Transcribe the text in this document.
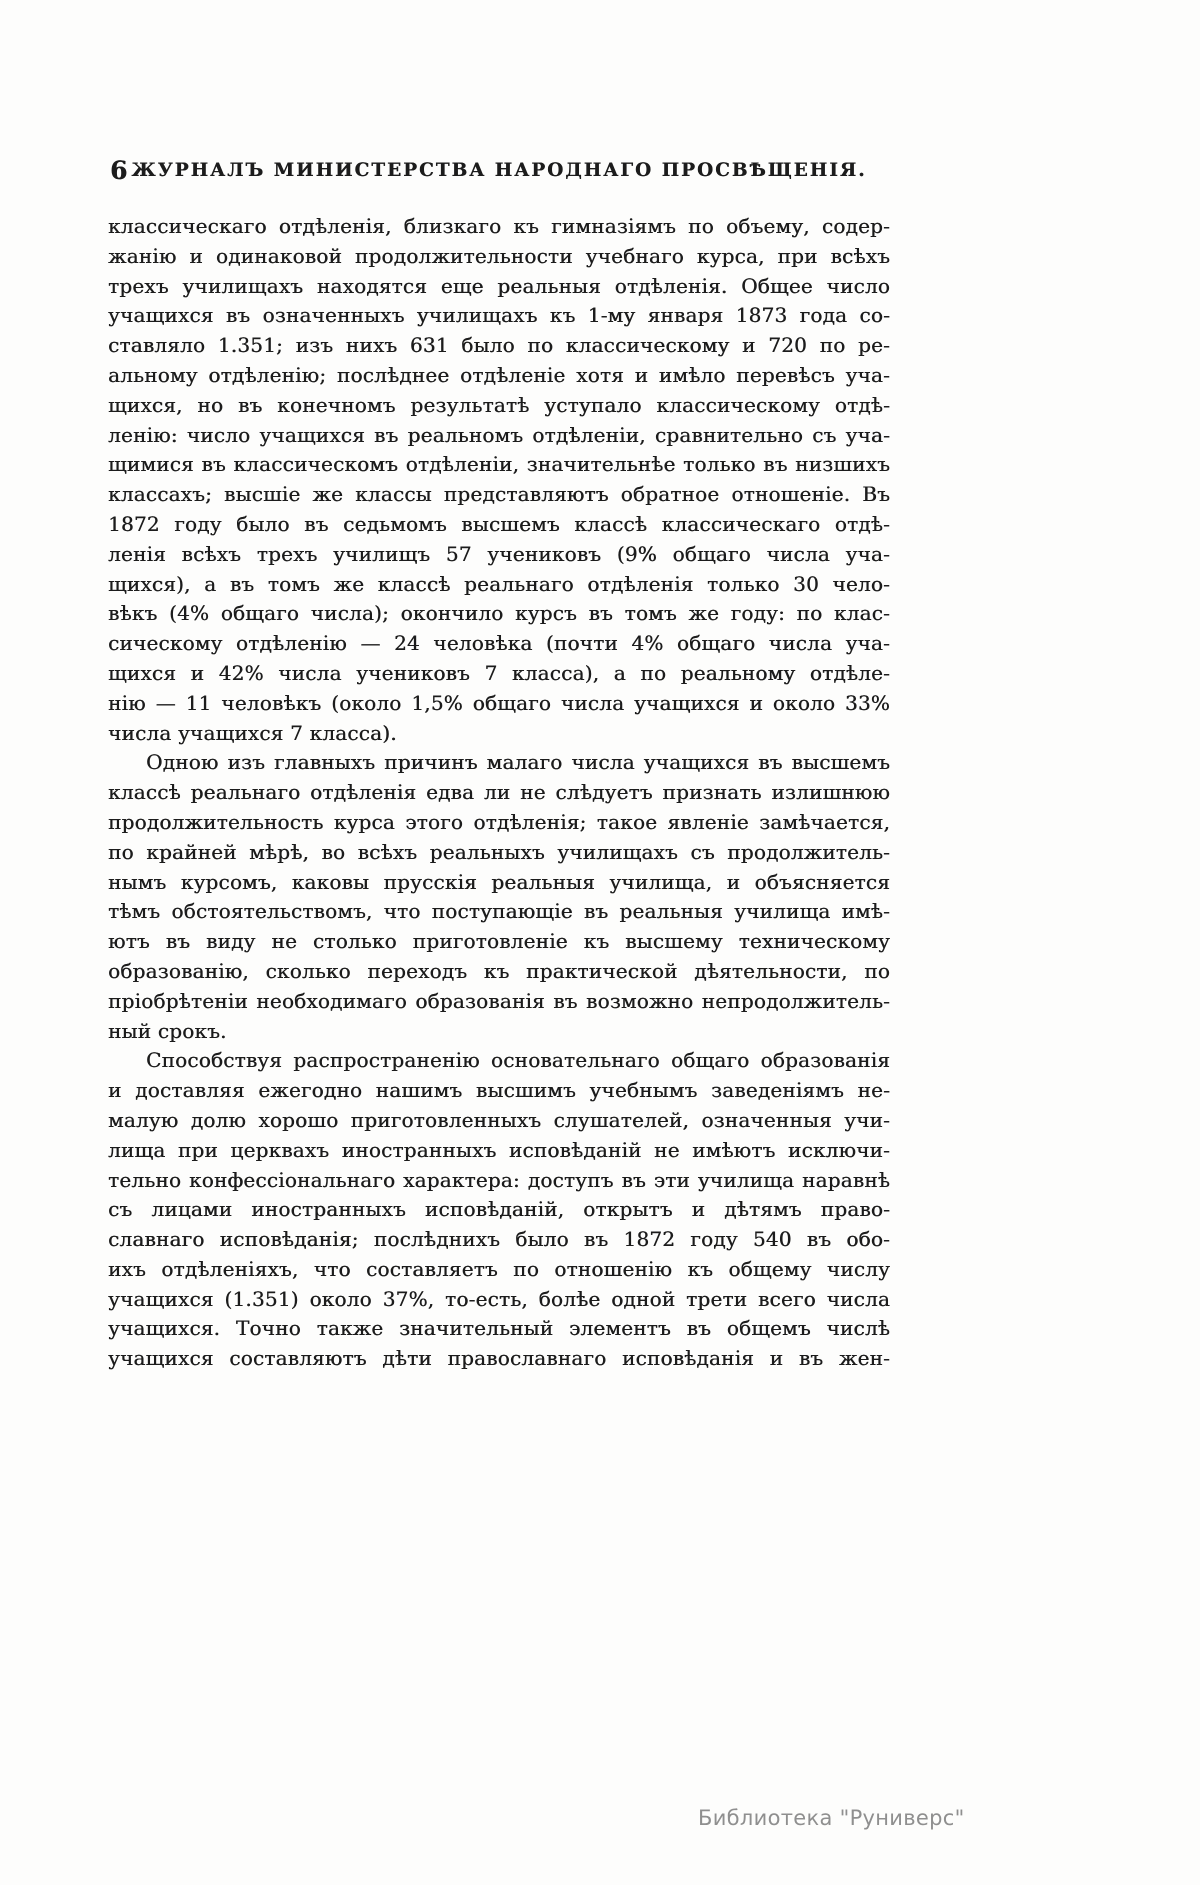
6 ЖУРНАЛЪ МИНИСТЕРСТВА НАРОДНАГО ПРОСВѢЩЕНІЯ.
классическаго отдѣленія, близкаго къ гимназіямъ по объему, содер-
жанію и одинаковой продолжительности учебнаго курса, при всѣхъ
трехъ училищахъ находятся еще реальныя отдѣленія. Общее число
учащихся въ означенныхъ училищахъ къ 1-му января 1873 года со-
ставляло 1.351; изъ нихъ 631 было по классическому и 720 по ре-
альному отдѣленію; послѣднее отдѣленіе хотя и имѣло перевѣсъ уча-
щихся, но въ конечномъ результатѣ уступало классическому отдѣ-
ленію: число учащихся въ реальномъ отдѣленіи, сравнительно съ уча-
щимися въ классическомъ отдѣленіи, значительнѣе только въ низшихъ
классахъ; высшіе же классы представляютъ обратное отношеніе. Въ
1872 году было въ седьмомъ высшемъ классѣ классическаго отдѣ-
ленія всѣхъ трехъ училищъ 57 учениковъ (9% общаго числа уча-
щихся), а въ томъ же классѣ реальнаго отдѣленія только 30 чело-
вѣкъ (4% общаго числа); окончило курсъ въ томъ же году: по клас-
сическому отдѣленію — 24 человѣка (почти 4% общаго числа уча-
щихся и 42% числа учениковъ 7 класса), а по реальному отдѣле-
нію — 11 человѣкъ (около 1,5% общаго числа учащихся и около 33%
числа учащихся 7 класса).
Одною изъ главныхъ причинъ малаго числа учащихся въ высшемъ
классѣ реальнаго отдѣленія едва ли не слѣдуетъ признать излишнюю
продолжительность курса этого отдѣленія; такое явленіе замѣчается,
по крайней мѣрѣ, во всѣхъ реальныхъ училищахъ съ продолжитель-
нымъ курсомъ, каковы прусскія реальныя училища, и объясняется
тѣмъ обстоятельствомъ, что поступающіе въ реальныя училища имѣ-
ютъ въ виду не столько приготовленіе къ высшему техническому
образованію, сколько переходъ къ практической дѣятельности, по
пріобрѣтеніи необходимаго образованія въ возможно непродолжитель-
ный срокъ.
Способствуя распространенію основательнаго общаго образованія
и доставляя ежегодно нашимъ высшимъ учебнымъ заведеніямъ не-
малую долю хорошо приготовленныхъ слушателей, означенныя учи-
лища при церквахъ иностранныхъ исповѣданій не имѣютъ исключи-
тельно конфессіональнаго характера: доступъ въ эти училища наравнѣ
съ лицами иностранныхъ исповѣданій, открытъ и дѣтямъ право-
славнаго исповѣданія; послѣднихъ было въ 1872 году 540 въ обо-
ихъ отдѣленіяхъ, что составляетъ по отношенію къ общему числу
учащихся (1.351) около 37%, то-есть, болѣе одной трети всего числа
учащихся. Точно также значительный элементъ въ общемъ числѣ
учащихся составляютъ дѣти православнаго исповѣданія и въ жен-
Библиотека "Руниверс"
